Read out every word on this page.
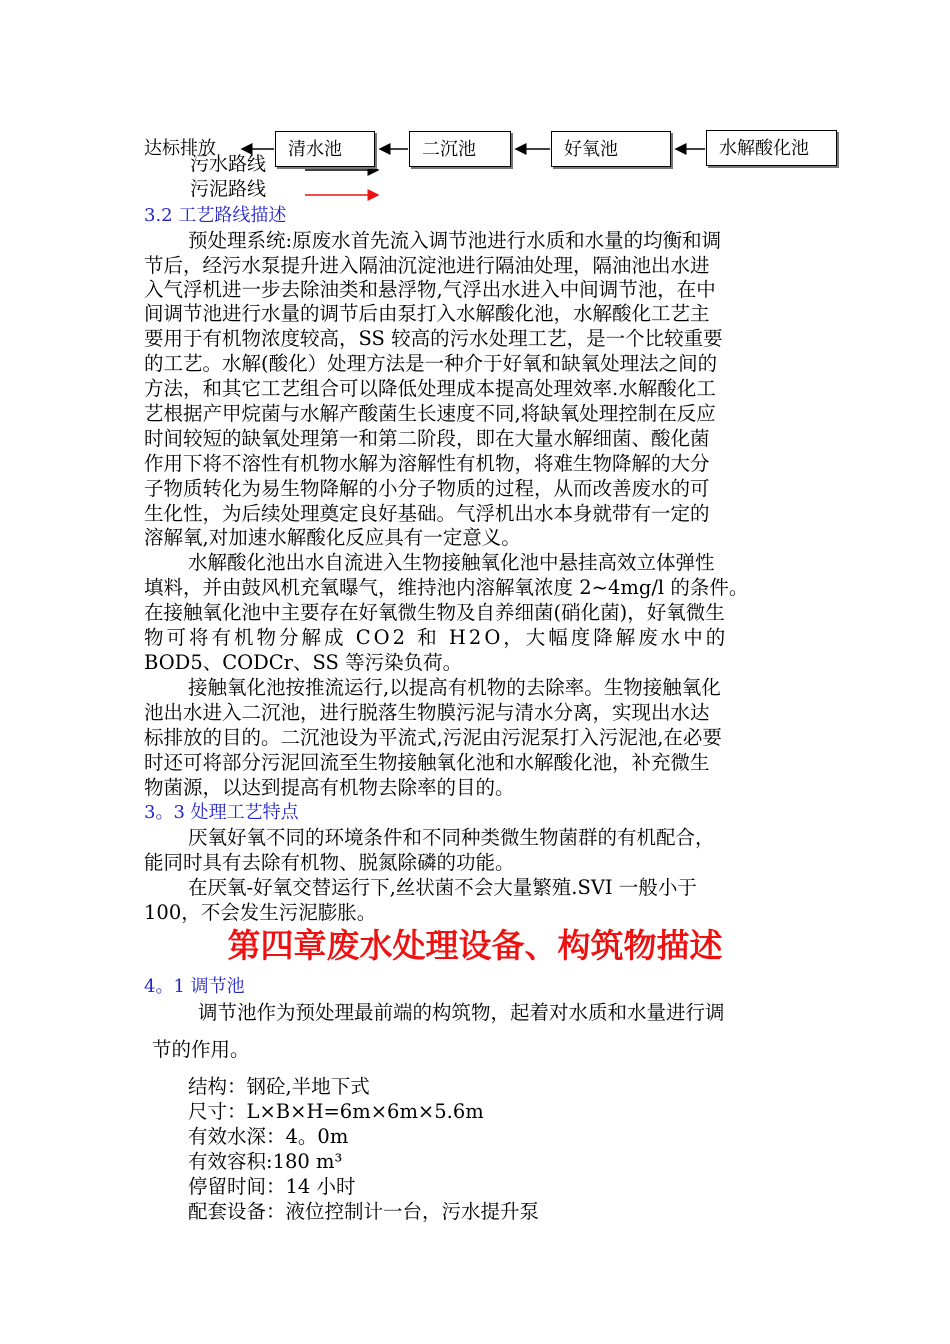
达标排放	清水池	二沉池	好氧池	水解酸化池
污水路线
污泥路线
3.2 工艺路线描述
预处理系统:原废水首先流入调节池进行水质和水量的均衡和调
节后，经污水泵提升进入隔油沉淀池进行隔油处理，隔油池出水进
入气浮机进一步去除油类和悬浮物,气浮出水进入中间调节池，在中
间调节池进行水量的调节后由泵打入水解酸化池，水解酸化工艺主
要用于有机物浓度较高，SS 较高的污水处理工艺，是一个比较重要
的工艺。水解(酸化）处理方法是一种介于好氧和缺氧处理法之间的
方法，和其它工艺组合可以降低处理成本提高处理效率.水解酸化工
艺根据产甲烷菌与水解产酸菌生长速度不同,将缺氧处理控制在反应
时间较短的缺氧处理第一和第二阶段，即在大量水解细菌、酸化菌
作用下将不溶性有机物水解为溶解性有机物，将难生物降解的大分
子物质转化为易生物降解的小分子物质的过程，从而改善废水的可
生化性，为后续处理奠定良好基础。气浮机出水本身就带有一定的
溶解氧,对加速水解酸化反应具有一定意义。
水解酸化池出水自流进入生物接触氧化池中悬挂高效立体弹性
填料，并由鼓风机充氧曝气，维持池内溶解氧浓度 2~4mg/l 的条件。
在接触氧化池中主要存在好氧微生物及自养细菌(硝化菌)，好氧微生
物可将有机物分解成 CO2 和 H2O，大幅度降解废水中的
BOD5、CODCr、SS 等污染负荷。
接触氧化池按推流运行,以提高有机物的去除率。生物接触氧化
池出水进入二沉池，进行脱落生物膜污泥与清水分离，实现出水达
标排放的目的。二沉池设为平流式,污泥由污泥泵打入污泥池,在必要
时还可将部分污泥回流至生物接触氧化池和水解酸化池，补充微生
物菌源，以达到提高有机物去除率的目的。
3。3 处理工艺特点
厌氧好氧不同的环境条件和不同种类微生物菌群的有机配合，
能同时具有去除有机物、脱氮除磷的功能。
在厌氧-好氧交替运行下,丝状菌不会大量繁殖.SVI 一般小于
100，不会发生污泥膨胀。
第四章废水处理设备、构筑物描述
4。1 调节池
调节池作为预处理最前端的构筑物，起着对水质和水量进行调
节的作用。
结构：钢砼,半地下式
尺寸：L×B×H=6m×6m×5.6m
有效水深：4。0m
有效容积:180 m³
停留时间：14 小时
配套设备：液位控制计一台，污水提升泵
